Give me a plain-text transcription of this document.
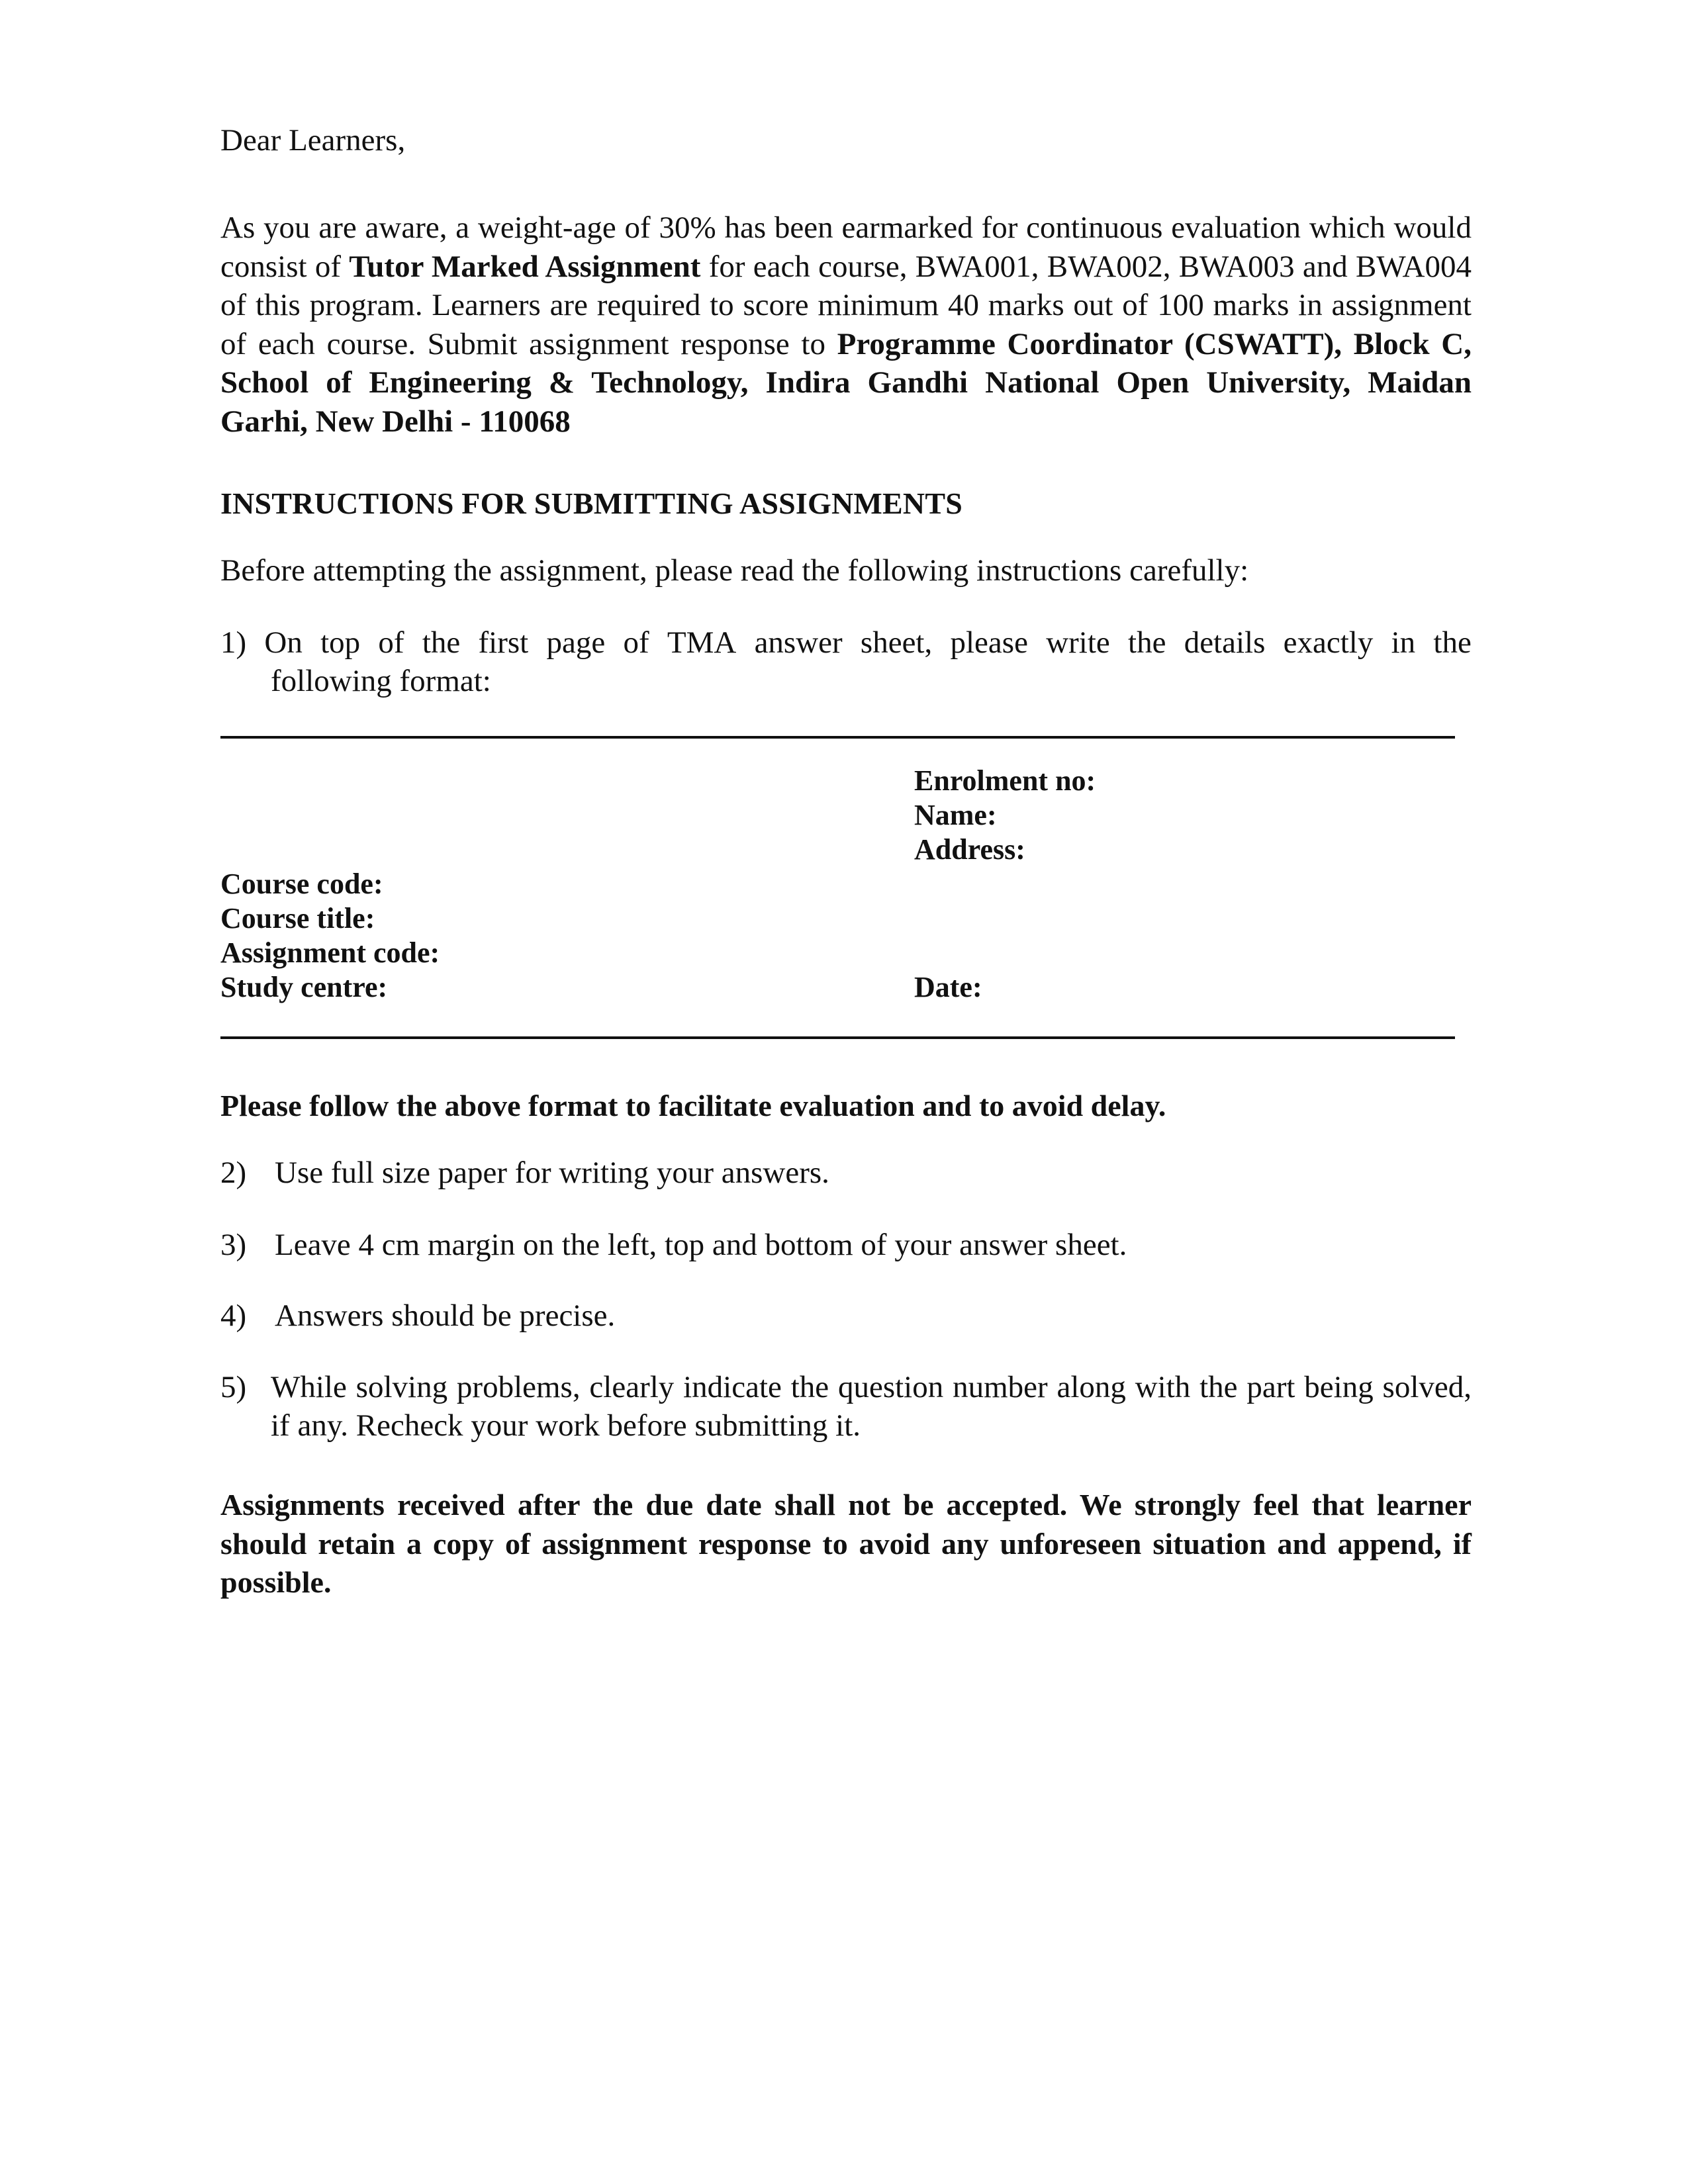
Dear Learners,

As you are aware, a weight-age of 30% has been earmarked for continuous evaluation which would consist of Tutor Marked Assignment for each course, BWA001, BWA002, BWA003 and BWA004 of this program. Learners are required to score minimum 40 marks out of 100 marks in assignment of each course. Submit assignment response to Programme Coordinator (CSWATT), Block C, School of Engineering & Technology, Indira Gandhi National Open University, Maidan Garhi, New Delhi - 110068

INSTRUCTIONS FOR SUBMITTING ASSIGNMENTS
Before attempting the assignment, please read the following instructions carefully:
1) On top of the first page of TMA answer sheet, please write the details exactly in the
following format:
Enrolment no:
Name:
Address:
Course code:
Course title:
Assignment code:
Study centre:	Date:
Please follow the above format to facilitate evaluation and to avoid delay.
2) Use full size paper for writing your answers.
3) Leave 4 cm margin on the left, top and bottom of your answer sheet.
4) Answers should be precise.
5) While solving problems, clearly indicate the question number along with the part being solved, if any. Recheck your work before submitting it.
Assignments received after the due date shall not be accepted. We strongly feel that learner should retain a copy of assignment response to avoid any unforeseen situation and append, if possible.
